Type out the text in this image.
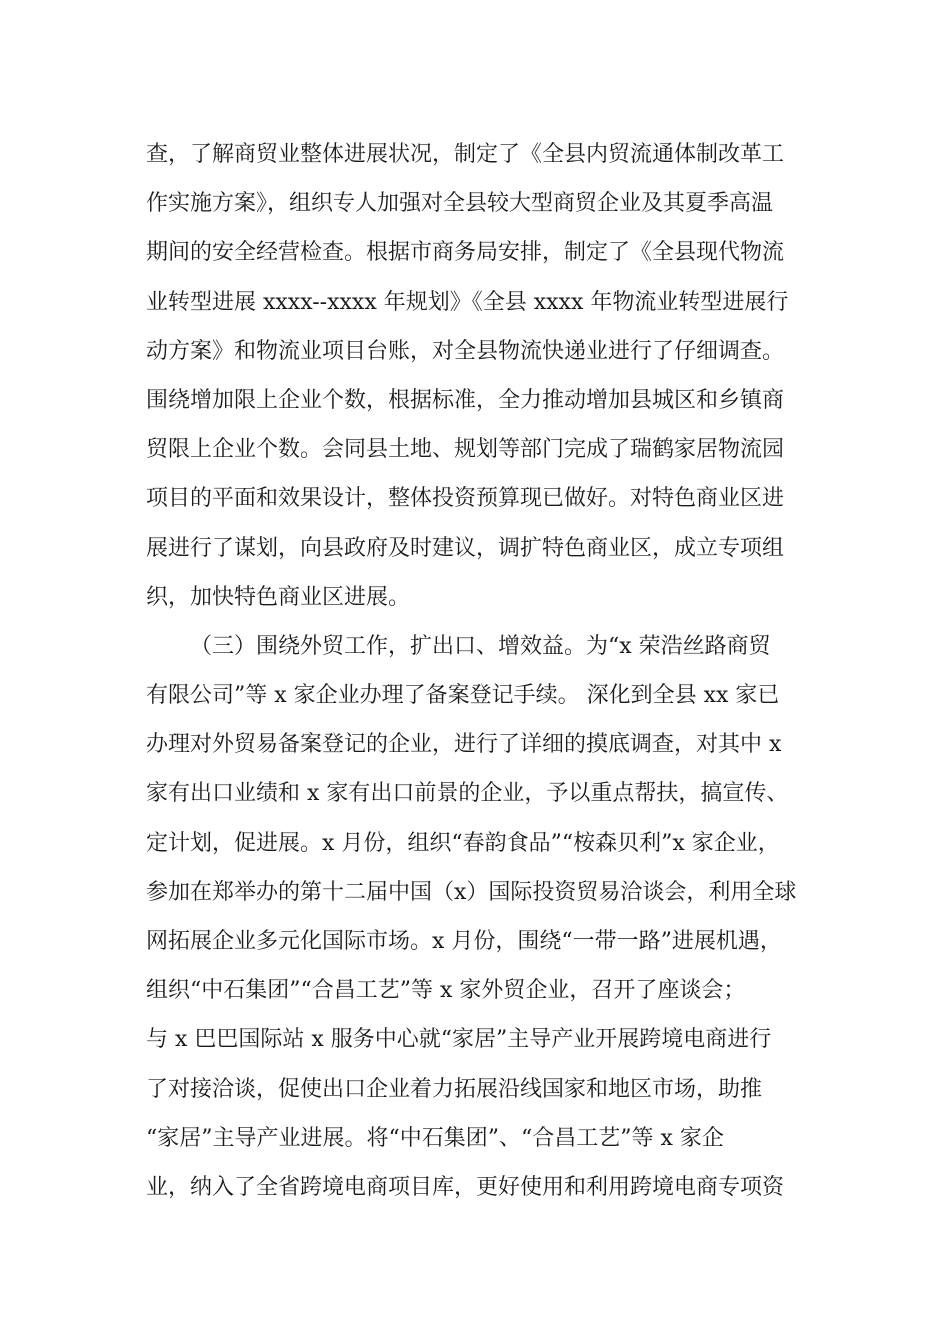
查，了解商贸业整体进展状况，制定了《全县内贸流通体制改革工
作实施方案》，组织专人加强对全县较大型商贸企业及其夏季高温
期间的安全经营检查。根据市商务局安排，制定了《全县现代物流
业转型进展 xxxx--xxxx 年规划》《全县 xxxx 年物流业转型进展行
动方案》和物流业项目台账，对全县物流快递业进行了仔细调查。
围绕增加限上企业个数，根据标准，全力推动增加县城区和乡镇商
贸限上企业个数。会同县土地、规划等部门完成了瑞鹤家居物流园
项目的平面和效果设计，整体投资预算现已做好。对特色商业区进
展进行了谋划，向县政府及时建议，调扩特色商业区，成立专项组
织，加快特色商业区进展。
（三）围绕外贸工作，扩出口、增效益。为“x 荣浩丝路商贸
有限公司”等 x 家企业办理了备案登记手续。 深化到全县 xx 家已
办理对外贸易备案登记的企业，进行了详细的摸底调查，对其中 x
家有出口业绩和 x 家有出口前景的企业，予以重点帮扶，搞宣传、
定计划，促进展。x 月份，组织“春韵食品”“桉森贝利”x 家企业，
参加在郑举办的第十二届中国（x）国际投资贸易洽谈会，利用全球
网拓展企业多元化国际市场。x 月份，围绕“一带一路”进展机遇，
组织“中石集团”“合昌工艺”等 x 家外贸企业，召开了座谈会；
与 x 巴巴国际站 x 服务中心就“家居”主导产业开展跨境电商进行
了对接洽谈，促使出口企业着力拓展沿线国家和地区市场，助推
“家居”主导产业进展。将“中石集团”、“合昌工艺”等 x 家企
业，纳入了全省跨境电商项目库，更好使用和利用跨境电商专项资
